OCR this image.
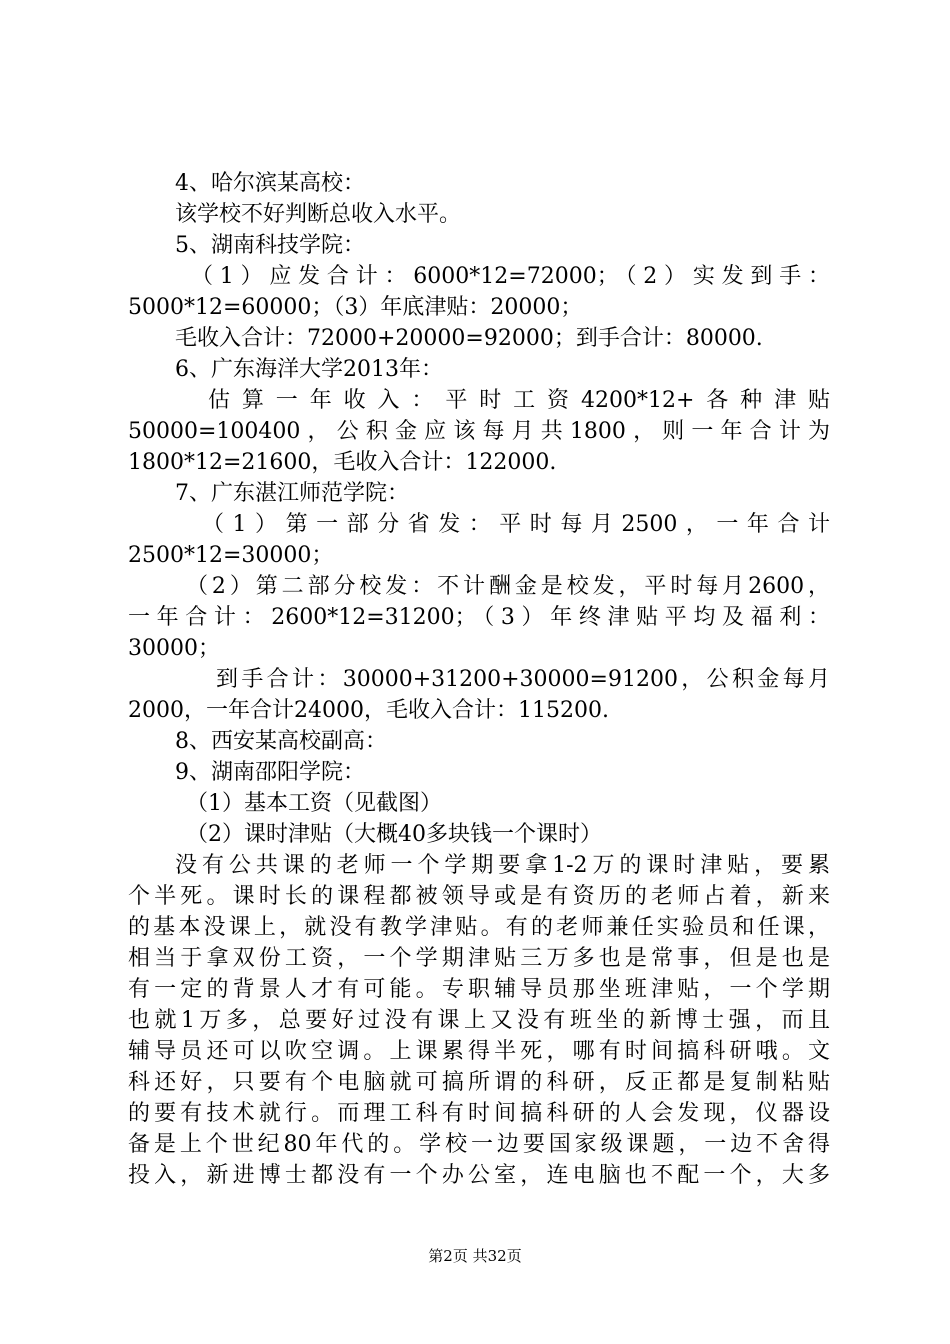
4、哈尔滨某高校：
该学校不好判断总收入水平。
5、湖南科技学院：
（1）应发合计：6000*12=72000；（2）实发到手：
5000*12=60000；（3）年底津贴：20000；
毛收入合计：72000+20000=92000；到手合计：80000.
6、广东海洋大学2013年：
估算一年收入：平时工资4200*12+各种津贴
50000=100400，公积金应该每月共1800，则一年合计为
1800*12=21600，毛收入合计：122000.
7、广东湛江师范学院：
（1）第一部分省发：平时每月2500，一年合计
2500*12=30000；
（2）第二部分校发：不计酬金是校发，平时每月2600，
一年合计：2600*12=31200；（3）年终津贴平均及福利：
30000；
到手合计：30000+31200+30000=91200，公积金每月
2000，一年合计24000，毛收入合计：115200.
8、西安某高校副高：
9、湖南邵阳学院：
（1）基本工资（见截图）
（2）课时津贴（大概40多块钱一个课时）
没有公共课的老师一个学期要拿1-2万的课时津贴，要累
个半死。课时长的课程都被领导或是有资历的老师占着，新来
的基本没课上，就没有教学津贴。有的老师兼任实验员和任课，
相当于拿双份工资，一个学期津贴三万多也是常事，但是也是
有一定的背景人才有可能。专职辅导员那坐班津贴，一个学期
也就1万多，总要好过没有课上又没有班坐的新博士强，而且
辅导员还可以吹空调。上课累得半死，哪有时间搞科研哦。文
科还好，只要有个电脑就可搞所谓的科研，反正都是复制粘贴
的要有技术就行。而理工科有时间搞科研的人会发现，仪器设
备是上个世纪80年代的。学校一边要国家级课题，一边不舍得
投入，新进博士都没有一个办公室，连电脑也不配一个，大多
第2页 共32页
